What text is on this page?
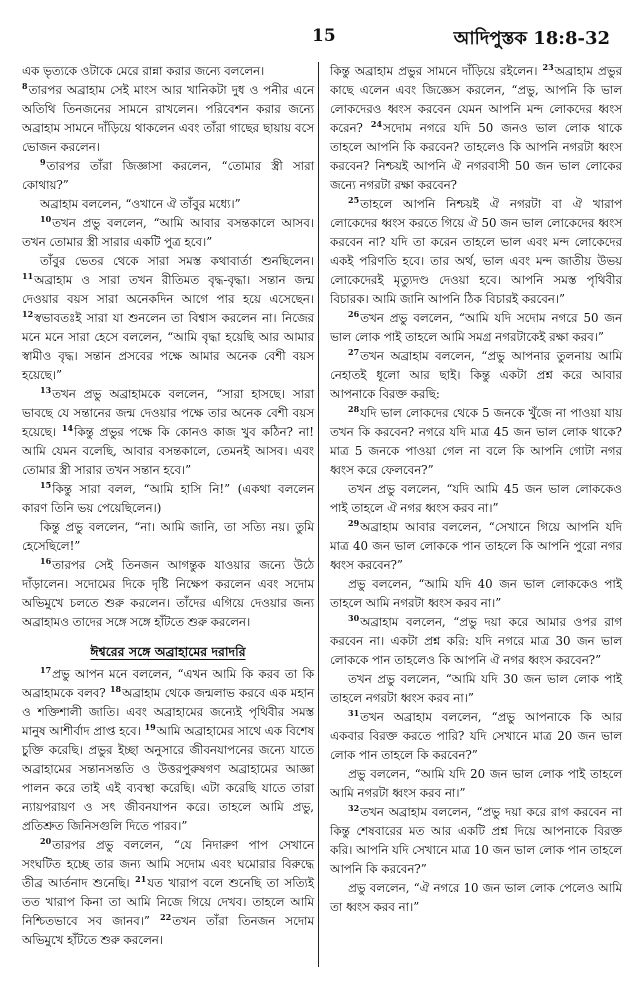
15	আদিপুস্তক 18:8-32

এক ভৃত্যকে ওটাকে মেরে রান্না করার জন্যে বললেন।

$^8$তারপর অব্রাহাম সেই মাংস আর খানিকটা দুধ ও পনীর এনে অতিথি তিনজনের সামনে রাখলেন। পরিবেশন করার জন্যে অব্রাহাম সামনে দাঁড়িয়ে থাকলেন এবং তাঁরা গাছের ছায়ায় বসে ভোজন করলেন।

$^9$তারপর তাঁরা জিজ্ঞাসা করলেন, “তোমার স্ত্রী সারা কোথায়?”

অব্রাহাম বললেন, “ওখানে ঐ তাঁবুর মধ্যে।”

$^{10}$তখন প্রভু বললেন, “আমি আবার বসন্তকালে আসব। তখন তোমার স্ত্রী সারার একটি পুত্র হবে।”

তাঁবুর ভেতর থেকে সারা সমস্ত কথাবার্তা শুনছিলেন। $^{11}$অব্রাহাম ও সারা তখন রীতিমত বৃদ্ধ-বৃদ্ধা। সন্তান জন্ম দেওয়ার বয়স সারা অনেকদিন আগে পার হয়ে এসেছেন। $^{12}$স্বভাবতঃই সারা যা শুনলেন তা বিশ্বাস করলেন না। নিজের মনে মনে সারা হেসে বললেন, “আমি বৃদ্ধা হয়েছি আর আমার স্বামীও বৃদ্ধ। সন্তান প্রসবের পক্ষে আমার অনেক বেশী বয়স হয়েছে।”

$^{13}$তখন প্রভু অব্রাহামকে বললেন, “সারা হাসছে। সারা ভাবছে যে সন্তানের জন্ম দেওয়ার পক্ষে তার অনেক বেশী বয়স হয়েছে। $^{14}$কিন্তু প্রভুর পক্ষে কি কোনও কাজ খুব কঠিন? না! আমি যেমন বলেছি, আবার বসন্তকালে, তেমনই আসব। এবং তোমার স্ত্রী সারার তখন সন্তান হবে।”

$^{15}$কিন্তু সারা বলল, “আমি হাসি নি!” (একথা বললেন কারণ তিনি ভয় পেয়েছিলেন।)

কিন্তু প্রভু বললেন, “না। আমি জানি, তা সত্যি নয়। তুমি হেসেছিলে!”

$^{16}$তারপর সেই তিনজন আগন্তুক যাওয়ার জন্যে উঠে দাঁড়ালেন। সদোমের দিকে দৃষ্টি নিক্ষেপ করলেন এবং সদোম অভিমুখে চলতে শুরু করলেন। তাঁদের এগিয়ে দেওয়ার জন্য অব্রাহামও তাদের সঙ্গে সঙ্গে হাঁটতে শুরু করলেন।

ঈশ্বরের সঙ্গে অব্রাহামের দরাদরি

$^{17}$প্রভু আপন মনে বললেন, “এখন আমি কি করব তা কি অব্রাহামকে বলব? $^{18}$অব্রাহাম থেকে জন্মলাভ করবে এক মহান ও শক্তিশালী জাতি। এবং অব্রাহামের জন্যেই পৃথিবীর সমস্ত মানুষ আশীর্বাদ প্রাপ্ত হবে। $^{19}$আমি অব্রাহামের সাথে এক বিশেষ চুক্তি করেছি। প্রভুর ইচ্ছা অনুসারে জীবনযাপনের জন্যে যাতে অব্রাহামের সন্তানসন্ততি ও উত্তরপুরুষগণ অব্রাহামের আজ্ঞা পালন করে তাই এই ব্যবস্থা করেছি। এটা করেছি যাতে তারা ন্যায়পরায়ণ ও সৎ জীবনযাপন করে। তাহলে আমি প্রভু, প্রতিশ্রুত জিনিসগুলি দিতে পারব।”

$^{20}$তারপর প্রভু বললেন, “যে নিদারুণ পাপ সেখানে সংঘটিত হচ্ছে তার জন্য আমি সদোম এবং ঘমোরার বিরুদ্ধে তীব্র আর্তনাদ শুনেছি। $^{21}$যত খারাপ বলে শুনেছি তা সত্যিই তত খারাপ কিনা তা আমি নিজে গিয়ে দেখব। তাহলে আমি নিশ্চিতভাবে সব জানব।” $^{22}$তখন তাঁরা তিনজন সদোম অভিমুখে হাঁটতে শুরু করলেন।

কিন্তু অব্রাহাম প্রভুর সামনে দাঁড়িয়ে রইলেন। $^{23}$অব্রাহাম প্রভুর কাছে এলেন এবং জিজ্ঞেস করলেন, “প্রভু, আপনি কি ভাল লোকদেরও ধ্বংস করবেন যেমন আপনি মন্দ লোকদের ধ্বংস করেন? $^{24}$সদোম নগরে যদি 50 জনও ভাল লোক থাকে তাহলে আপনি কি করবেন? তাহলেও কি আপনি নগরটা ধ্বংস করবেন? নিশ্চয়ই আপনি ঐ নগরবাসী 50 জন ভাল লোকের জন্যে নগরটা রক্ষা করবেন?

$^{25}$তাহলে আপনি নিশ্চয়ই ঐ নগরটা বা ঐ খারাপ লোকেদের ধ্বংস করতে গিয়ে ঐ 50 জন ভাল লোকেদের ধ্বংস করবেন না? যদি তা করেন তাহলে ভাল এবং মন্দ লোকেদের একই পরিণতি হবে। তার অর্থ, ভাল এবং মন্দ জাতীয় উভয় লোকেদেরই মৃত্যুদণ্ড দেওয়া হবে। আপনি সমস্ত পৃথিবীর বিচারক। আমি জানি আপনি ঠিক বিচারই করবেন।”

$^{26}$তখন প্রভু বললেন, “আমি যদি সদোম নগরে 50 জন ভাল লোক পাই তাহলে আমি সমগ্র নগরটাকেই রক্ষা করব।”

$^{27}$তখন অব্রাহাম বললেন, “প্রভু আপনার তুলনায় আমি নেহাতই ধূলো আর ছাই। কিন্তু একটা প্রশ্ন করে আবার আপনাকে বিরক্ত করছি:

$^{28}$যদি ভাল লোকদের থেকে 5 জনকে খুঁজে না পাওয়া যায় তখন কি করবেন? নগরে যদি মাত্র 45 জন ভাল লোক থাকে? মাত্র 5 জনকে পাওয়া গেল না বলে কি আপনি গোটা নগর ধ্বংস করে ফেলবেন?”

তখন প্রভু বললেন, “যদি আমি 45 জন ভাল লোককেও পাই তাহলে ঐ নগর ধ্বংস করব না।”

$^{29}$অব্রাহাম আবার বললেন, “সেখানে গিয়ে আপনি যদি মাত্র 40 জন ভাল লোককে পান তাহলে কি আপনি পুরো নগর ধ্বংস করবেন?”

প্রভু বললেন, “আমি যদি 40 জন ভাল লোককেও পাই তাহলে আমি নগরটা ধ্বংস করব না।”

$^{30}$অব্রাহাম বললেন, “প্রভু দয়া করে আমার ওপর রাগ করবেন না। একটা প্রশ্ন করি: যদি নগরে মাত্র 30 জন ভাল লোককে পান তাহলেও কি আপনি ঐ নগর ধ্বংস করবেন?”

তখন প্রভু বললেন, “আমি যদি 30 জন ভাল লোক পাই তাহলে নগরটা ধ্বংস করব না।”

$^{31}$তখন অব্রাহাম বললেন, “প্রভু আপনাকে কি আর একবার বিরক্ত করতে পারি? যদি সেখানে মাত্র 20 জন ভাল লোক পান তাহলে কি করবেন?”

প্রভু বললেন, “আমি যদি 20 জন ভাল লোক পাই তাহলে আমি নগরটা ধ্বংস করব না।”

$^{32}$তখন অব্রাহাম বললেন, “প্রভু দয়া করে রাগ করবেন না কিন্তু শেষবারের মত আর একটি প্রশ্ন দিয়ে আপনাকে বিরক্ত করি। আপনি যদি সেখানে মাত্র 10 জন ভাল লোক পান তাহলে আপনি কি করবেন?”

প্রভু বললেন, “ঐ নগরে 10 জন ভাল লোক পেলেও আমি তা ধ্বংস করব না।”
